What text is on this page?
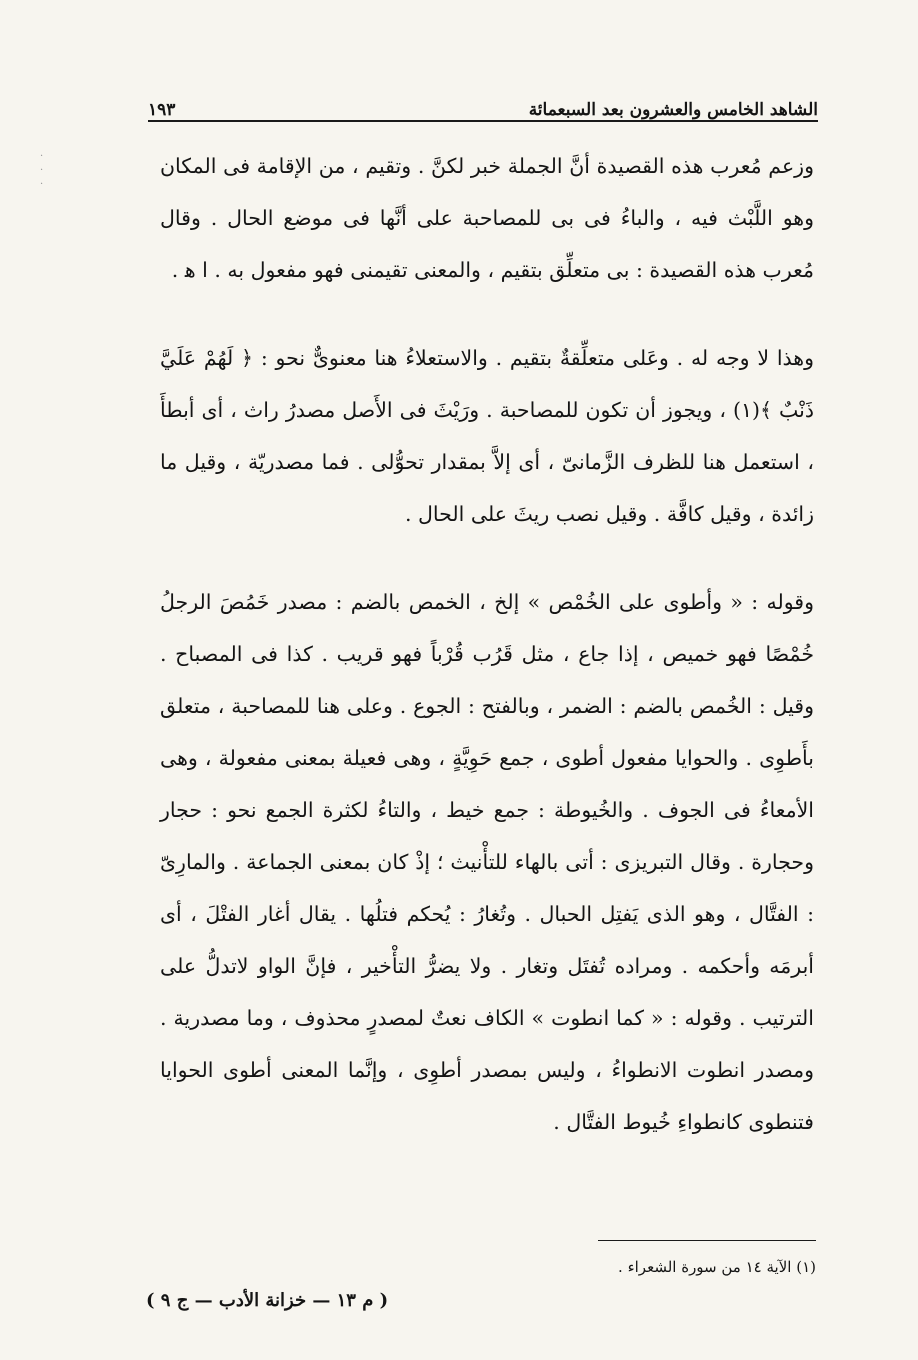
·
·
·
الشاهد الخامس والعشرون بعد السبعمائة
١٩٣

وزعم مُعرب هذه القصيدة أنَّ الجملة خبر لكنَّ . وتقيم ، من الإقامة فى المكان وهو اللَّبْث فيه ، والباءُ فى بى للمصاحبة على أنَّها فى موضع الحال . وقال مُعرب هذه القصيدة : بى متعلِّق بتقيم ، والمعنى تقيمنى فهو مفعول به . ا ﻫ .

وهذا لا وجه له . وعَلى متعلِّقةٌ بتقيم . والاستعلاءُ هنا معنوىٌّ نحو : ﴿ لَهُمْ عَلَيَّ ذَنْبٌ ﴾(١) ، ويجوز أن تكون للمصاحبة . ورَيْثَ فى الأَصل مصدرُ راث ، أى أبطأَ ، استعمل هنا للظرف الزَّمانىّ ، أى إلاَّ بمقدار تحوُّلى . فما مصدريّة ، وقيل ما زائدة ، وقيل كافَّة . وقيل نصب ريثَ على الحال .

وقوله : « وأطوى على الخُمْص » إلخ ، الخمص بالضم : مصدر خَمُصَ الرجلُ خُمْصًا فهو خميص ، إذا جاع ، مثل قَرُب قُرْباً فهو قريب . كذا فى المصباح . وقيل : الخُمص بالضم : الضمر ، وبالفتح : الجوع . وعلى هنا للمصاحبة ، متعلق بأَطوِى . والحوايا مفعول أطوى ، جمع حَوِيَّةٍ ، وهى فعيلة بمعنى مفعولة ، وهى الأمعاءُ فى الجوف . والخُيوطة : جمع خيط ، والتاءُ لكثرة الجمع نحو : حجار وحجارة . وقال التبريزى : أتى بالهاء للتأْنيث ؛ إذْ كان بمعنى الجماعة . والمارِىّ : الفتَّال ، وهو الذى يَفتِل الحبال . وتُغارُ : يُحكم فتلُها . يقال أغار الفتْلَ ، أى أبرمَه وأحكمه . ومراده تُفتَل وتغار . ولا يضرُّ التأْخير ، فإنَّ الواو لاتدلُّ على الترتيب . وقوله : « كما انطوت » الكاف نعتٌ لمصدرٍ محذوف ، وما مصدرية . ومصدر انطوت الانطواءُ ، وليس بمصدر أطوِى ، وإنَّما المعنى أطوى الحوايا فتنطوى كانطواءِ خُيوط الفتَّال .

(١) الآية ١٤ من سورة الشعراء .
( م ١٣ — خزانة الأدب — ج ٩ )
